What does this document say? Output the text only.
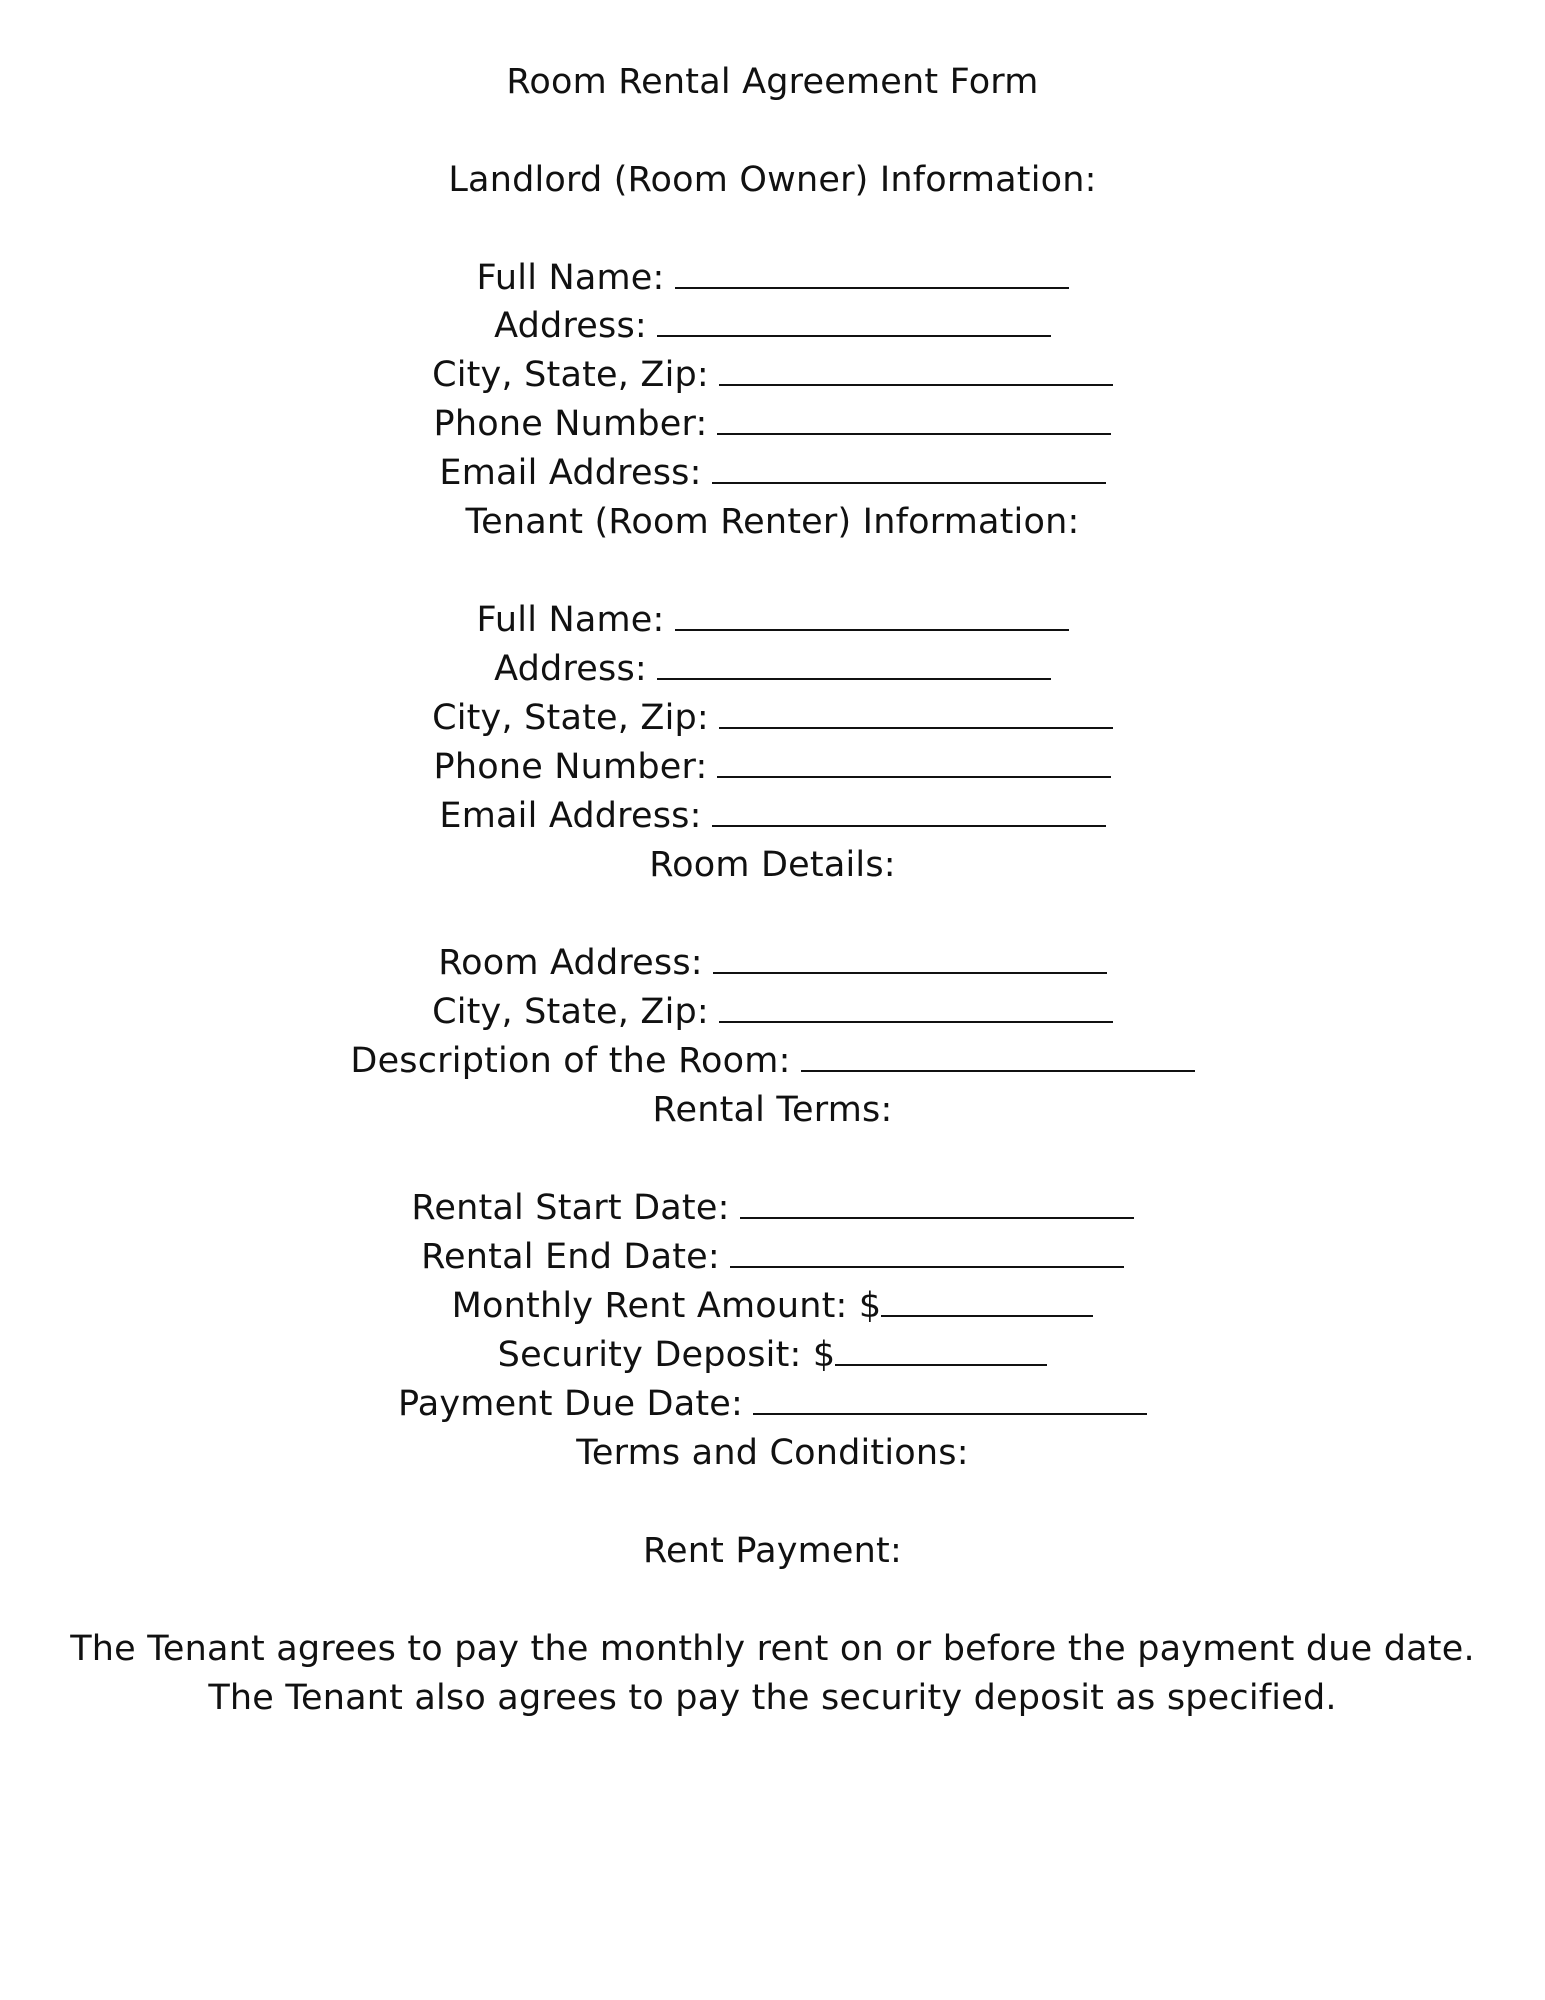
Room Rental Agreement Form
Landlord (Room Owner) Information:
Full Name:
Address:
City, State, Zip:
Phone Number:
Email Address:
Tenant (Room Renter) Information:
Full Name:
Address:
City, State, Zip:
Phone Number:
Email Address:
Room Details:
Room Address:
City, State, Zip:
Description of the Room:
Rental Terms:
Rental Start Date:
Rental End Date:
Monthly Rent Amount: $
Security Deposit: $
Payment Due Date:
Terms and Conditions:
Rent Payment:
The Tenant agrees to pay the monthly rent on or before the payment due date.
The Tenant also agrees to pay the security deposit as specified.
